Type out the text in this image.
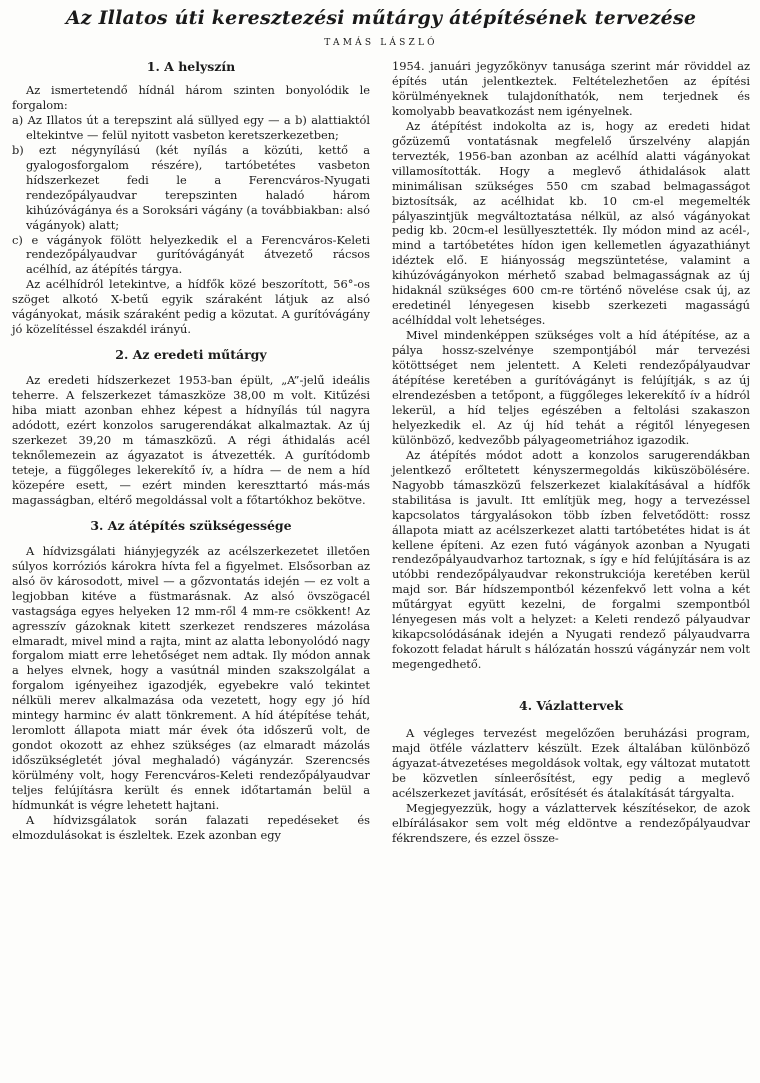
Az Illatos úti keresztezési műtárgy átépítésének tervezése
TAMÁS LÁSZLÓ
1. A helyszín

Az ismertetendő hídnál három szinten bonyolódik le forgalom:

a) Az Illatos út a terepszint alá süllyed egy — a b) alattiaktól eltekintve — felül nyitott vasbeton keretszerkezetben;

b) ezt négynyílású (két nyílás a közúti, kettő a gyalogosforgalom részére), tartóbetétes vasbeton hídszerkezet fedi le a Ferencváros-Nyugati rendezőpályaudvar terepszinten haladó három kihúzóvágánya és a Soroksári vágány (a továbbiakban: alsó vágányok) alatt;

c) e vágányok fölött helyezkedik el a Ferencváros-Keleti rendezőpályaudvar gurítóvágányát átvezető rácsos acélhíd, az átépítés tárgya.

Az acélhídról letekintve, a hídfők közé beszorított, 56°-os szöget alkotó X-betű egyik száraként látjuk az alsó vágányokat, másik száraként pedig a közutat. A gurítóvágány jó közelítéssel északdél irányú.

2. Az eredeti műtárgy

Az eredeti hídszerkezet 1953-ban épült, „A”-jelű ideális teherre. A felszerkezet támaszköze 38,00 m volt. Kitűzési hiba miatt azonban ehhez képest a hídnyílás túl nagyra adódott, ezért konzolos sarugerendákat alkalmaztak. Az új szerkezet 39,20 m támaszközű. A régi áthidalás acél teknőlemezein az ágyazatot is átvezették. A gurítódomb teteje, a függőleges lekerekítő ív, a hídra — de nem a híd közepére esett, — ezért minden kereszttartó más-más magasságban, eltérő megoldással volt a főtartókhoz bekötve.

3. Az átépítés szükségessége

A hídvizsgálati hiányjegyzék az acélszerkezetet illetően súlyos korróziós károkra hívta fel a figyelmet. Elsősorban az alsó öv károsodott, mivel — a gőzvontatás idején — ez volt a legjobban kitéve a füstmarásnak. Az alsó övszögacél vastagsága egyes helyeken 12 mm-ről 4 mm-re csökkent! Az agresszív gázoknak kitett szerkezet rendszeres mázolása elmaradt, mivel mind a rajta, mint az alatta lebonyolódó nagy forgalom miatt erre lehetőséget nem adtak. Ily módon annak a helyes elvnek, hogy a vasútnál minden szakszolgálat a forgalom igényeihez igazodjék, egyebekre való tekintet nélküli merev alkalmazása oda vezetett, hogy egy jó híd mintegy harminc év alatt tönkrement. A híd átépítése tehát, leromlott állapota miatt már évek óta időszerű volt, de gondot okozott az ehhez szükséges (az elmaradt mázolás időszükségletét jóval meghaladó) vágányzár. Szerencsés körülmény volt, hogy Ferencváros-Keleti rendezőpályaudvar teljes felújításra került és ennek időtartamán belül a hídmunkát is végre lehetett hajtani.

A hídvizsgálatok során falazati repedéseket és elmozdulásokat is észleltek. Ezek azonban egy

1954. januári jegyzőkönyv tanusága szerint már röviddel az építés után jelentkeztek. Feltételezhetően az építési körülményeknek tulajdoníthatók, nem terjednek és komolyabb beavatkozást nem igényelnek.

Az átépítést indokolta az is, hogy az eredeti hidat gőzüzemű vontatásnak megfelelő űrszelvény alapján tervezték, 1956-ban azonban az acélhíd alatti vágányokat villamosították. Hogy a meglevő áthidalások alatt minimálisan szükséges 550 cm szabad belmagasságot biztosítsák, az acélhidat kb. 10 cm-el megemelték pályaszintjük megváltoztatása nélkül, az alsó vágányokat pedig kb. 20cm-el lesüllyesztették. Ily módon mind az acél-, mind a tartóbetétes hídon igen kellemetlen ágyazathiányt idéztek elő. E hiányosság megszüntetése, valamint a kihúzóvágányokon mérhető szabad belmagasságnak az új hidaknál szükséges 600 cm-re történő növelése csak új, az eredetinél lényegesen kisebb szerkezeti magasságú acélhíddal volt lehetséges.

Mivel mindenképpen szükséges volt a híd átépítése, az a pálya hossz-szelvénye szempontjából már tervezési kötöttséget nem jelentett. A Keleti rendezőpályaudvar átépítése keretében a gurítóvágányt is felújítják, s az új elrendezésben a tetőpont, a függőleges lekerekítő ív a hídról lekerül, a híd teljes egészében a feltolási szakaszon helyezkedik el. Az új híd tehát a régitől lényegesen különböző, kedvezőbb pályageometriához igazodik.

Az átépítés módot adott a konzolos sarugerendákban jelentkező erőltetett kényszermegoldás kiküszöbölésére. Nagyobb támaszközű felszerkezet kialakításával a hídfők stabilitása is javult. Itt említjük meg, hogy a tervezéssel kapcsolatos tárgyalásokon több ízben felvetődött: rossz állapota miatt az acélszerkezet alatti tartóbetétes hidat is át kellene építeni. Az ezen futó vágányok azonban a Nyugati rendezőpályaudvarhoz tartoznak, s így e híd felújítására is az utóbbi rendezőpályaudvar rekonstrukciója keretében kerül majd sor. Bár hídszempontból kézenfekvő lett volna a két műtárgyat együtt kezelni, de forgalmi szempontból lényegesen más volt a helyzet: a Keleti rendező pályaudvar kikapcsolódásának idején a Nyugati rendező pályaudvarra fokozott feladat hárult s hálózatán hosszú vágányzár nem volt megengedhető.

4. Vázlattervek

A végleges tervezést megelőzően beruházási program, majd ötféle vázlatterv készült. Ezek általában különböző ágyazat-átvezetéses megoldások voltak, egy változat mutatott be közvetlen sínleerősítést, egy pedig a meglevő acélszerkezet javítását, erősítését és átalakítását tárgyalta.

Megjegyezzük, hogy a vázlattervek készítésekor, de azok elbírálásakor sem volt még eldöntve a rendezőpályaudvar fékrendszere, és ezzel össze-
